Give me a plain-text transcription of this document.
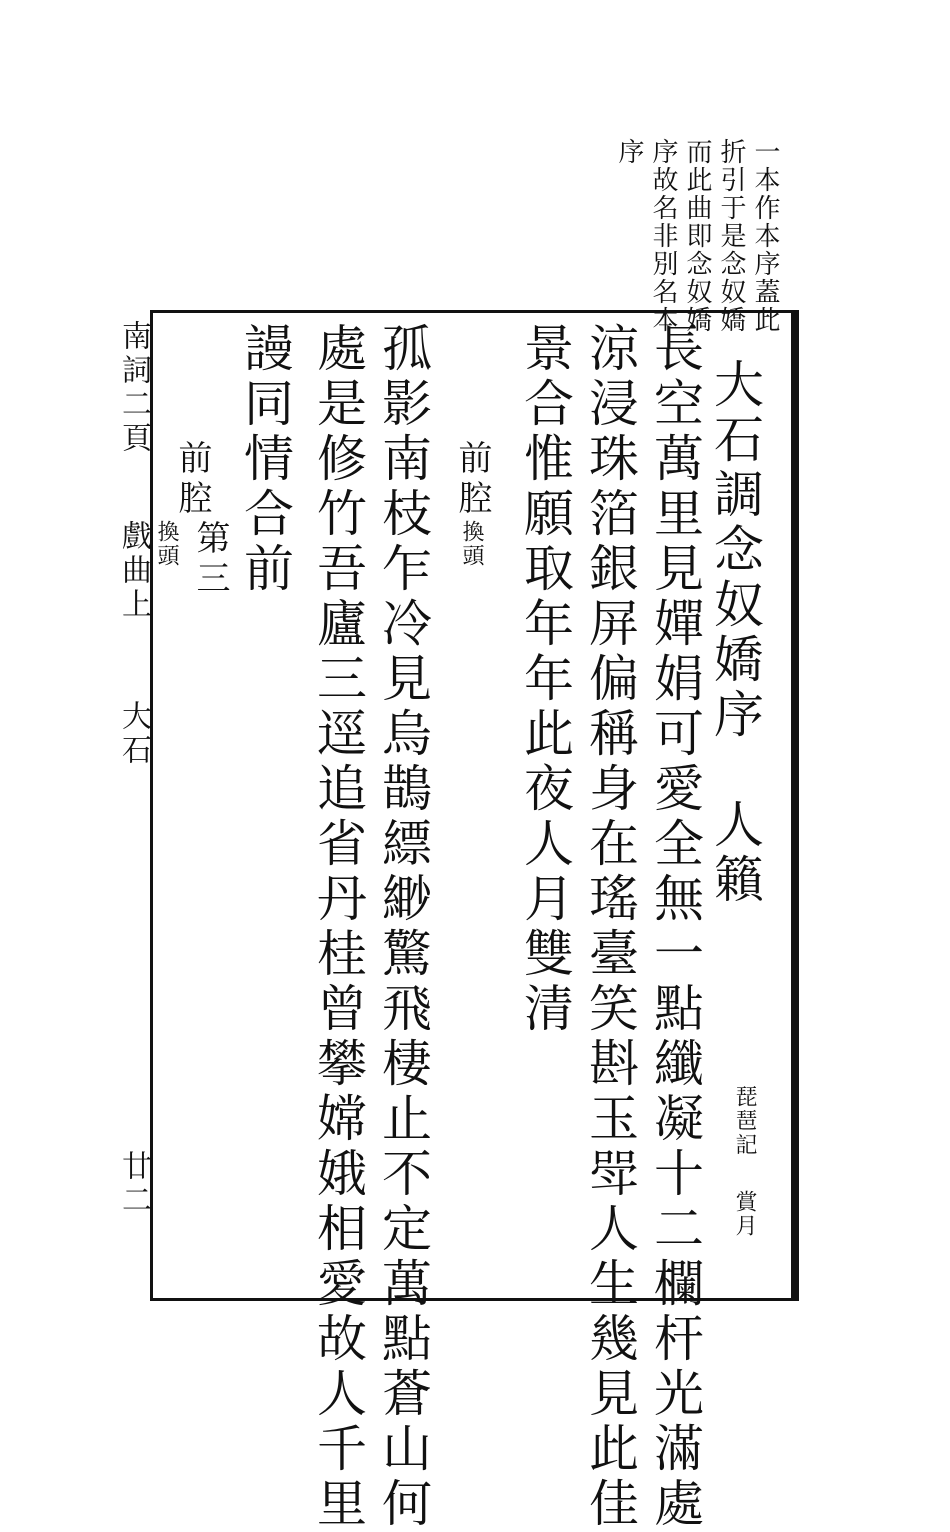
一本作本序蓋此
折引于是念奴嬌
而此曲即念奴嬌
序故名非別名本
序
南詞二頁
戲曲上
大石
廿二
大石調念奴嬌序　人籟
琵琶記
賞月
長空萬里見嬋娟可愛全無一點纖凝十二欄杆光滿處
涼浸珠箔銀屏偏稱身在瑤臺笑斟玉斝人生幾見此佳
景合惟願取年年此夜人月雙清
前腔
換頭
孤影南枝乍冷見烏鵲縹緲驚飛棲止不定萬點蒼山何
處是修竹吾廬三逕追省丹桂曾攀嫦娥相愛故人千里
謾同情合前
前腔
換頭 第三
